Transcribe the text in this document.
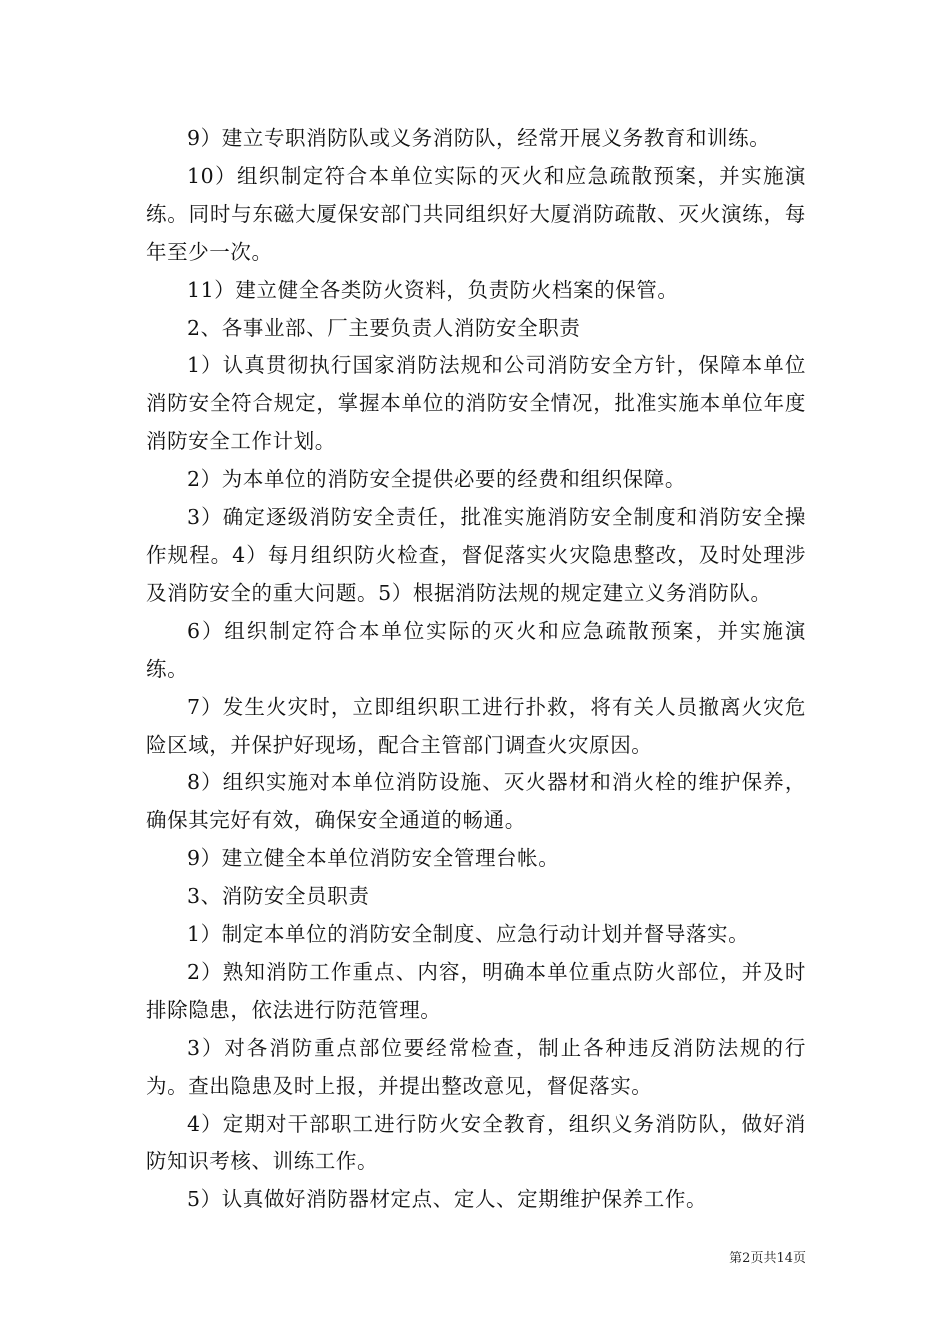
9）建立专职消防队或义务消防队，经常开展义务教育和训练。

10）组织制定符合本单位实际的灭火和应急疏散预案，并实施演练。同时与东磁大厦保安部门共同组织好大厦消防疏散、灭火演练，每年至少一次。

11）建立健全各类防火资料，负责防火档案的保管。

2、各事业部、厂主要负责人消防安全职责

1）认真贯彻执行国家消防法规和公司消防安全方针，保障本单位消防安全符合规定，掌握本单位的消防安全情况，批准实施本单位年度消防安全工作计划。

2）为本单位的消防安全提供必要的经费和组织保障。

3）确定逐级消防安全责任，批准实施消防安全制度和消防安全操作规程。4）每月组织防火检查，督促落实火灾隐患整改，及时处理涉及消防安全的重大问题。5）根据消防法规的规定建立义务消防队。

6）组织制定符合本单位实际的灭火和应急疏散预案，并实施演练。

7）发生火灾时，立即组织职工进行扑救，将有关人员撤离火灾危险区域，并保护好现场，配合主管部门调查火灾原因。

8）组织实施对本单位消防设施、灭火器材和消火栓的维护保养，确保其完好有效，确保安全通道的畅通。

9）建立健全本单位消防安全管理台帐。

3、消防安全员职责

1）制定本单位的消防安全制度、应急行动计划并督导落实。

2）熟知消防工作重点、内容，明确本单位重点防火部位，并及时排除隐患，依法进行防范管理。

3）对各消防重点部位要经常检查，制止各种违反消防法规的行为。查出隐患及时上报，并提出整改意见，督促落实。

4）定期对干部职工进行防火安全教育，组织义务消防队，做好消防知识考核、训练工作。

5）认真做好消防器材定点、定人、定期维护保养工作。

第2页共14页
